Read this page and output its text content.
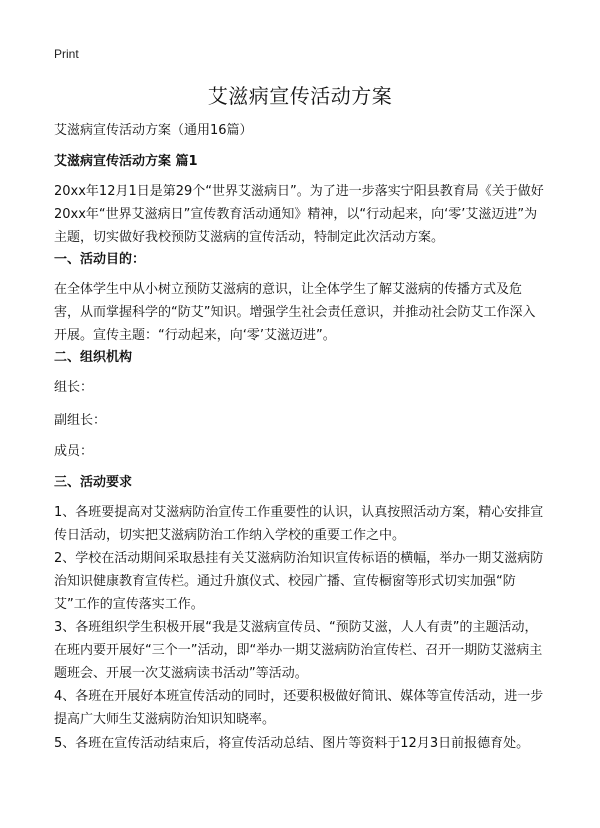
Print
艾滋病宣传活动方案

艾滋病宣传活动方案（通用16篇）

艾滋病宣传活动方案 篇1

20xx年12月1日是第29个“世界艾滋病日”。为了进一步落实宁阳县教育局《关于做好20xx年“世界艾滋病日”宣传教育活动通知》精神，以“行动起来，向‘零’艾滋迈进”为主题，切实做好我校预防艾滋病的宣传活动，特制定此次活动方案。

一、活动目的：

在全体学生中从小树立预防艾滋病的意识，让全体学生了解艾滋病的传播方式及危害，从而掌握科学的“防艾”知识。增强学生社会责任意识，并推动社会防艾工作深入开展。宣传主题：“行动起来，向‘零’艾滋迈进”。

二、组织机构

组长：

副组长：

成员：

三、活动要求

1、各班要提高对艾滋病防治宣传工作重要性的认识，认真按照活动方案，精心安排宣传日活动，切实把艾滋病防治工作纳入学校的重要工作之中。

2、学校在活动期间采取悬挂有关艾滋病防治知识宣传标语的横幅，举办一期艾滋病防治知识健康教育宣传栏。通过升旗仪式、校园广播、宣传橱窗等形式切实加强“防艾”工作的宣传落实工作。

3、各班组织学生积极开展“我是艾滋病宣传员、“预防艾滋，人人有责”的主题活动，在班内要开展好“三个一”活动，即“举办一期艾滋病防治宣传栏、召开一期防艾滋病主题班会、开展一次艾滋病读书活动”等活动。

4、各班在开展好本班宣传活动的同时，还要积极做好简讯、媒体等宣传活动，进一步提高广大师生艾滋病防治知识知晓率。

5、各班在宣传活动结束后，将宣传活动总结、图片等资料于12月3日前报德育处。
